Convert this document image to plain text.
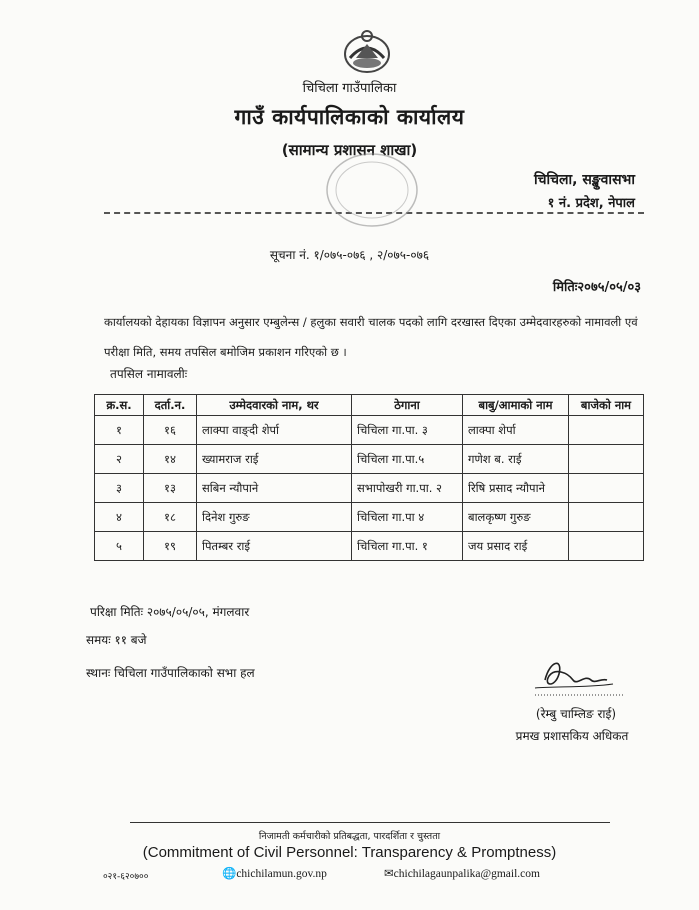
चिचिला गाउँपालिका
गाउँ कार्यपालिकाको कार्यालय
(सामान्य प्रशासन शाखा)
चिचिला, सङ्खुवासभा
१ नं. प्रदेश, नेपाल
सूचना नं. १/०७५-०७६ , २/०७५-०७६
मितिः२०७५/०५/०३
कार्यालयको देहायका विज्ञापन अनुसार एम्बुलेन्स / हलुका सवारी चालक पदको लागि दरखास्त दिएका उम्मेदवारहरुको नामावली एवं परीक्षा मिति, समय तपसिल बमोजिम प्रकाशन गरिएको छ ।
तपसिल नामावलीः
क्र.स.	दर्ता.न.	उम्मेदवारको नाम, थर	ठेगाना	बाबु/आमाको नाम	बाजेको नाम
१	१६	लाक्पा वाङ्दी शेर्पा	चिचिला गा.पा. ३	लाक्पा शेर्पा	
२	१४	ख्यामराज राई	चिचिला गा.पा.५	गणेश ब. राई	
३	१३	सबिन न्यौपाने	सभापोखरी गा.पा. २	रिषि प्रसाद न्यौपाने	
४	१८	दिनेश गुरुङ	चिचिला गा.पा ४	बालकृष्ण गुरुङ	
५	१९	पितम्बर राई	चिचिला गा.पा. १	जय प्रसाद राई	
परिक्षा मितिः २०७५/०५/०५, मंगलवार
समयः ११ बजे
स्थानः चिचिला गाउँपालिकाको सभा हल
(रेम्बु चाम्लिङ राई)
प्रमख प्रशासकिय अधिकत
निजामती कर्मचारीको प्रतिबद्धता, पारदर्शिता र चुस्तता
(Commitment of Civil Personnel: Transparency & Promptness)
०२१-६२०७००	🌐chichilamun.gov.np	✉chichilagaunpalika@gmail.com
